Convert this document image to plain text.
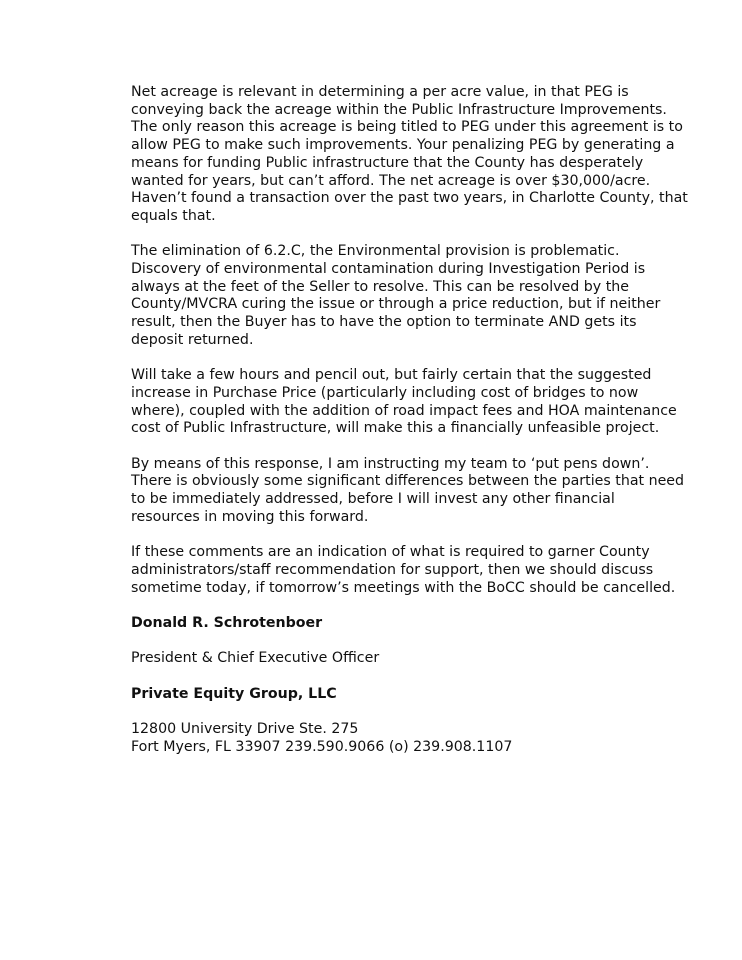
Net acreage is relevant in determining a per acre value, in that PEG is
conveying back the acreage within the Public Infrastructure Improvements.
The only reason this acreage is being titled to PEG under this agreement is to
allow PEG to make such improvements. Your penalizing PEG by generating a
means for funding Public infrastructure that the County has desperately
wanted for years, but can’t afford. The net acreage is over $30,000/acre.
Haven’t found a transaction over the past two years, in Charlotte County, that
equals that.

The elimination of 6.2.C, the Environmental provision is problematic.
Discovery of environmental contamination during Investigation Period is
always at the feet of the Seller to resolve. This can be resolved by the
County/MVCRA curing the issue or through a price reduction, but if neither
result, then the Buyer has to have the option to terminate AND gets its
deposit returned.

Will take a few hours and pencil out, but fairly certain that the suggested
increase in Purchase Price (particularly including cost of bridges to now
where), coupled with the addition of road impact fees and HOA maintenance
cost of Public Infrastructure, will make this a financially unfeasible project.

By means of this response, I am instructing my team to ‘put pens down’.
There is obviously some significant differences between the parties that need
to be immediately addressed, before I will invest any other financial
resources in moving this forward.

If these comments are an indication of what is required to garner County
administrators/staff recommendation for support, then we should discuss
sometime today, if tomorrow’s meetings with the BoCC should be cancelled.

Donald R. Schrotenboer

President & Chief Executive Officer

Private Equity Group, LLC

12800 University Drive Ste. 275
Fort Myers, FL 33907 239.590.9066 (o) 239.908.1107
